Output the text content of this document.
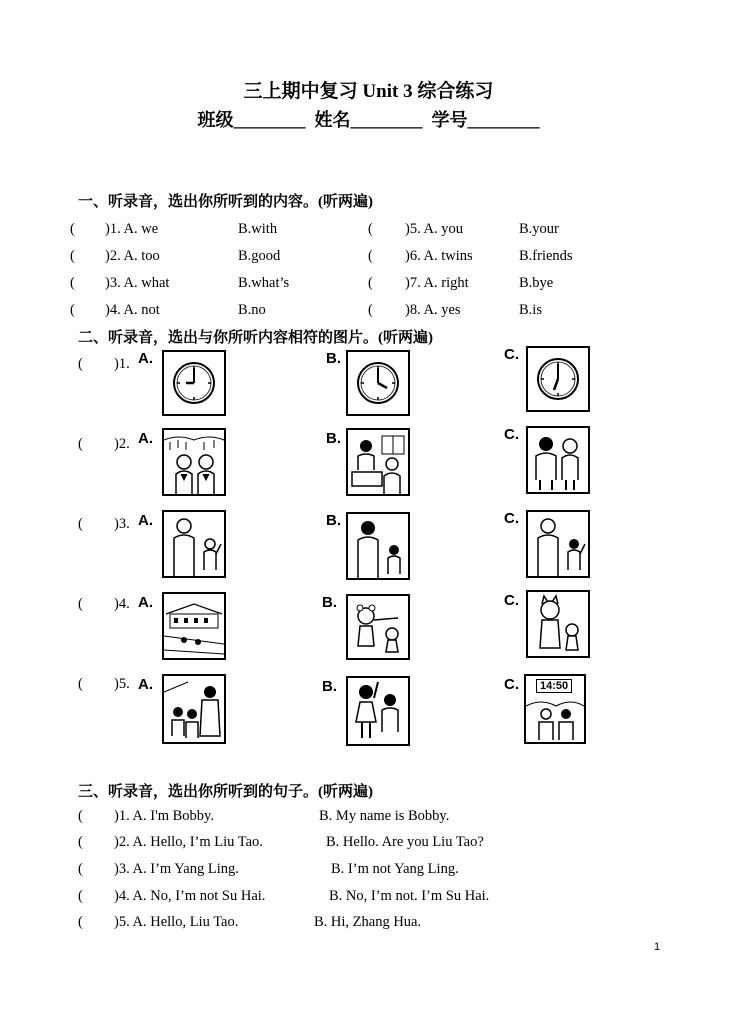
三上期中复习 Unit 3 综合练习
班级________ 姓名________ 学号________
一、听录音，选出你所听到的内容。(听两遍)
( )1. A. we	B.with
( )2. A. too	B.good
( )3. A. what	B.what’s
( )4. A. not	B.no
( )5. A. you	B.your
( )6. A. twins	B.friends
( )7. A. right	B.bye
( )8. A. yes	B.is
二、听录音，选出与你所听内容相符的图片。(听两遍)
( )1. A.	B.	C.
( )2. A.	B.	C.
( )3. A.	B.	C.
( )4. A.	B.	C.
( )5. A.	B.	C.	14:50
三、听录音，选出你所听到的句子。(听两遍)
( )1. A. I'm Bobby.	B. My name is Bobby.
( )2. A. Hello, I’m Liu Tao.	B. Hello. Are you Liu Tao?
( )3. A. I’m Yang Ling.	B. I’m not Yang Ling.
( )4. A. No, I’m not Su Hai.	B. No, I’m not. I’m Su Hai.
( )5. A. Hello, Liu Tao.	B. Hi, Zhang Hua.
1
